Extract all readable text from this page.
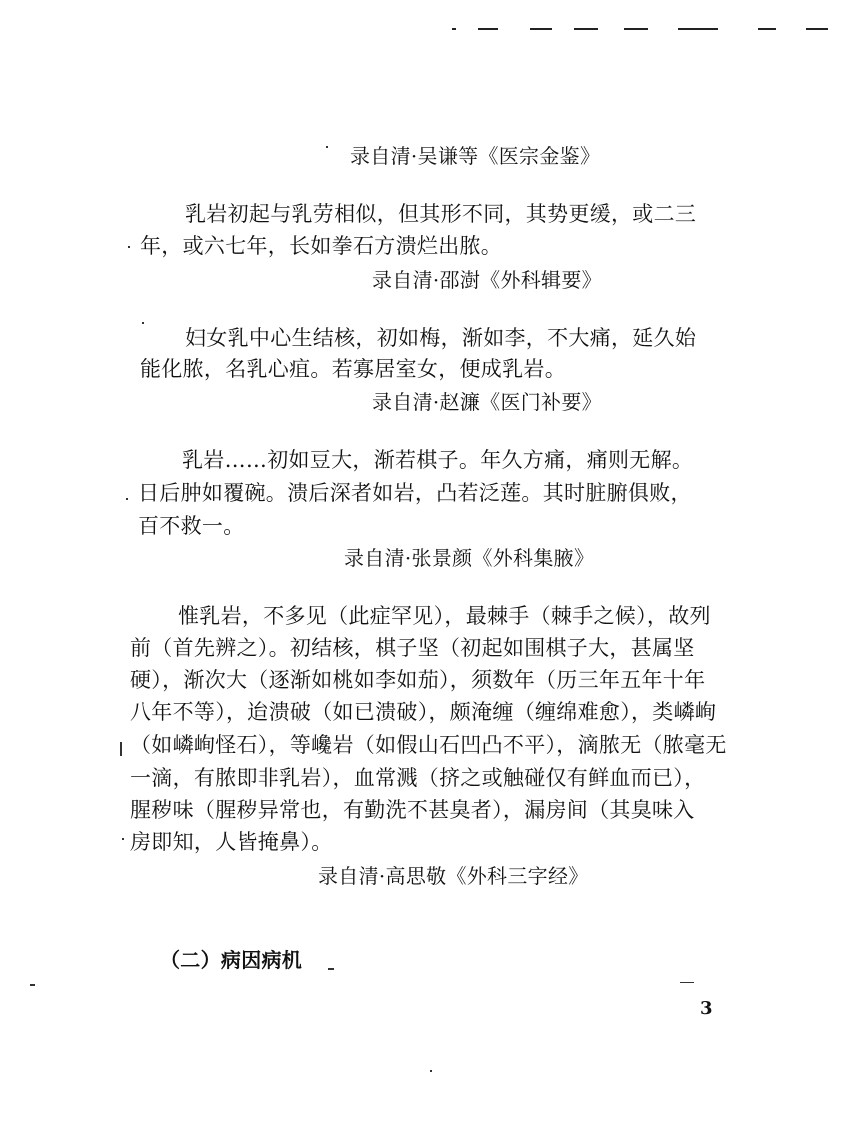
录自清·吴谦等《医宗金鉴》
乳岩初起与乳劳相似，但其形不同，其势更缓，或二三
年，或六七年，长如拳石方溃烂出脓。
录自清·邵澍《外科辑要》
妇女乳中心生结核，初如梅，渐如李，不大痛，延久始
能化脓，名乳心疽。若寡居室女，便成乳岩。
录自清·赵濂《医门补要》
乳岩……初如豆大，渐若棋子。年久方痛，痛则无解。
日后肿如覆碗。溃后深者如岩，凸若泛莲。其时脏腑俱败，
百不救一。
录自清·张景颜《外科集腋》
惟乳岩，不多见（此症罕见），最棘手（棘手之候），故列
前（首先辨之）。初结核，棋子坚（初起如围棋子大，甚属坚
硬），渐次大（逐渐如桃如李如茄），须数年（历三年五年十年
八年不等），迨溃破（如已溃破），颇淹缠（缠绵难愈），类嶙峋
（如嶙峋怪石），等巉岩（如假山石凹凸不平），滴脓无（脓毫无
一滴，有脓即非乳岩），血常溅（挤之或触碰仅有鲜血而已），
腥秽味（腥秽异常也，有勤洗不甚臭者），漏房间（其臭味入
房即知，人皆掩鼻）。
录自清·高思敬《外科三字经》
（二）病因病机
3
